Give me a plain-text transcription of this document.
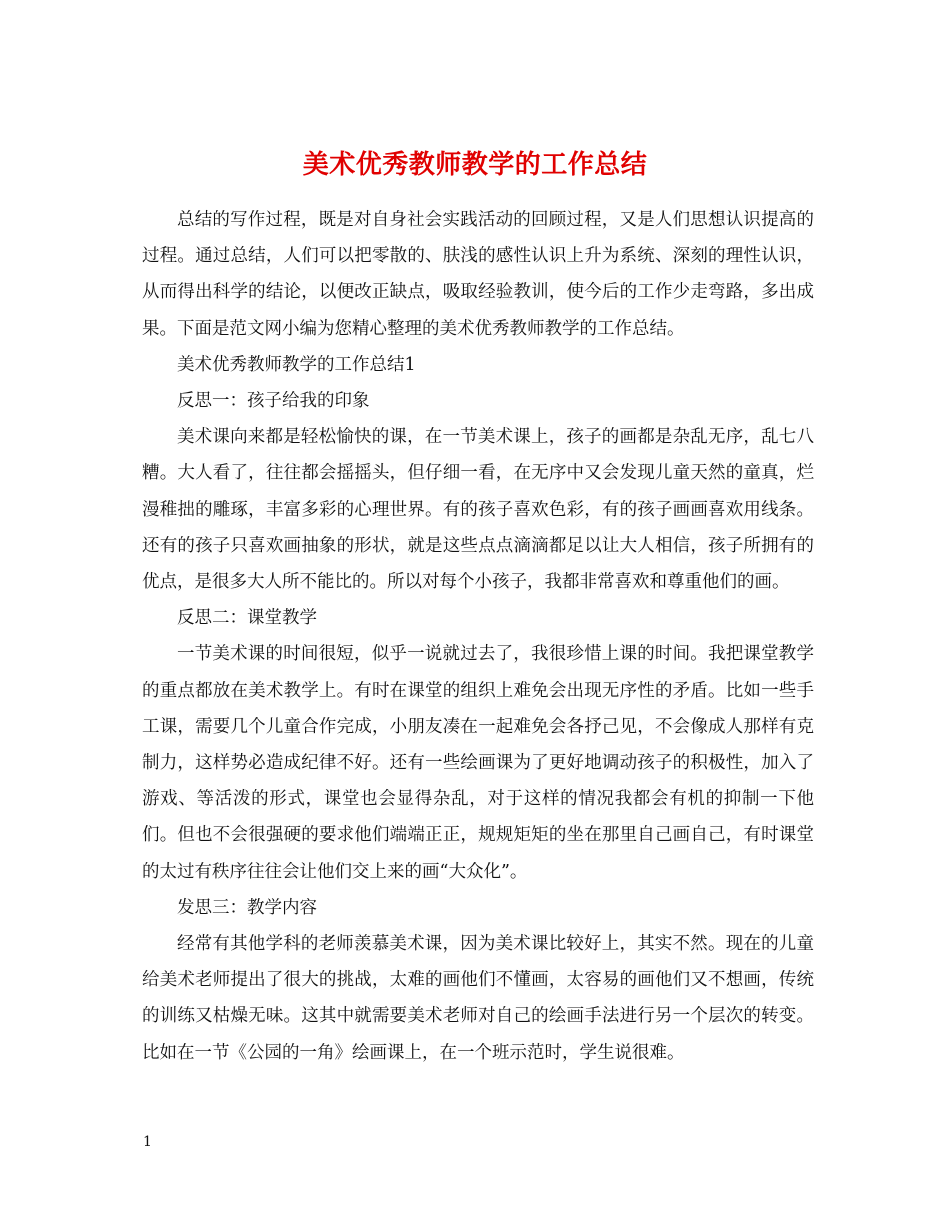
美术优秀教师教学的工作总结

总结的写作过程，既是对自身社会实践活动的回顾过程，又是人们思想认识提高的过程。通过总结，人们可以把零散的、肤浅的感性认识上升为系统、深刻的理性认识，从而得出科学的结论，以便改正缺点，吸取经验教训，使今后的工作少走弯路，多出成果。下面是范文网小编为您精心整理的美术优秀教师教学的工作总结。

美术优秀教师教学的工作总结1

反思一：孩子给我的印象

美术课向来都是轻松愉快的课，在一节美术课上，孩子的画都是杂乱无序，乱七八糟。大人看了，往往都会摇摇头，但仔细一看，在无序中又会发现儿童天然的童真，烂漫稚拙的雕琢，丰富多彩的心理世界。有的孩子喜欢色彩，有的孩子画画喜欢用线条。还有的孩子只喜欢画抽象的形状，就是这些点点滴滴都足以让大人相信，孩子所拥有的优点，是很多大人所不能比的。所以对每个小孩子，我都非常喜欢和尊重他们的画。

反思二：课堂教学

一节美术课的时间很短，似乎一说就过去了，我很珍惜上课的时间。我把课堂教学的重点都放在美术教学上。有时在课堂的组织上难免会出现无序性的矛盾。比如一些手工课，需要几个儿童合作完成，小朋友凑在一起难免会各抒己见，不会像成人那样有克制力，这样势必造成纪律不好。还有一些绘画课为了更好地调动孩子的积极性，加入了游戏、等活泼的形式，课堂也会显得杂乱，对于这样的情况我都会有机的抑制一下他们。但也不会很强硬的要求他们端端正正，规规矩矩的坐在那里自己画自己，有时课堂的太过有秩序往往会让他们交上来的画“大众化”。

发思三：教学内容

经常有其他学科的老师羡慕美术课，因为美术课比较好上，其实不然。现在的儿童给美术老师提出了很大的挑战，太难的画他们不懂画，太容易的画他们又不想画，传统的训练又枯燥无味。这其中就需要美术老师对自己的绘画手法进行另一个层次的转变。比如在一节《公园的一角》绘画课上，在一个班示范时，学生说很难。

1
